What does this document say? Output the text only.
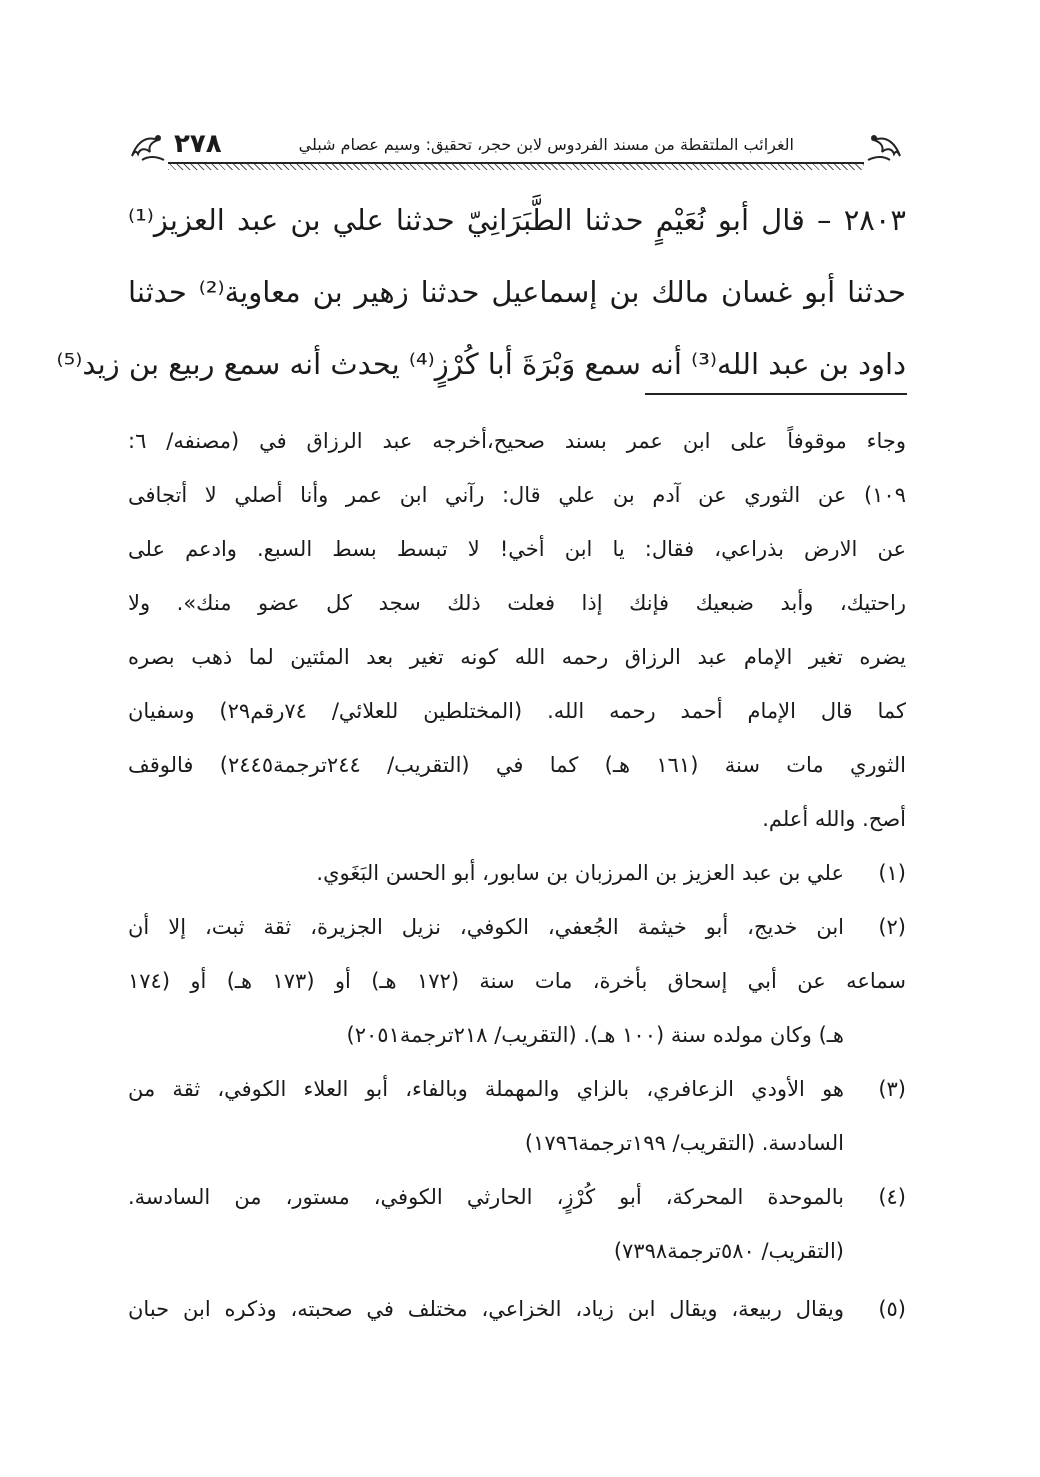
٢٧٨	الغرائب الملتقطة من مسند الفردوس لابن حجر، تحقيق: وسيم عصام شبلي
٢٨٠٣ – قال أبو نُعَيْمٍ حدثنا الطَّبَرَانِيّ حدثنا علي بن عبد العزيز⁽¹⁾
حدثنا أبو غسان مالك بن إسماعيل حدثنا زهير بن معاوية⁽²⁾ حدثنا
داود بن عبد الله⁽³⁾ أنه سمع وَبْرَةَ أبا كُرْزٍ⁽⁴⁾ يحدث أنه سمع ربيع بن زيد⁽⁵⁾
وجاء موقوفاً على ابن عمر بسند صحيح،أخرجه عبد الرزاق في (مصنفه/ ٦:
١٠٩) عن الثوري عن آدم بن علي قال: رآني ابن عمر وأنا أصلي لا أتجافى
عن الارض بذراعي، فقال: يا ابن أخي! لا تبسط بسط السبع. وادعم على
راحتيك، وأبد ضبعيك فإنك إذا فعلت ذلك سجد كل عضو منك». ولا
يضره تغير الإمام عبد الرزاق رحمه الله كونه تغير بعد المئتين لما ذهب بصره
كما قال الإمام أحمد رحمه الله. (المختلطين للعلائي/ ٧٤رقم٢٩) وسفيان
الثوري مات سنة (١٦١ هـ) كما في (التقريب/ ٢٤٤ترجمة٢٤٤٥) فالوقف
أصح. والله أعلم.
(١)
علي بن عبد العزيز بن المرزبان بن سابور، أبو الحسن البَغَوي.
(٢)
ابن خديج، أبو خيثمة الجُعفي، الكوفي، نزيل الجزيرة، ثقة ثبت، إلا أن
سماعه عن أبي إسحاق بأخرة، مات سنة (١٧٢ هـ) أو (١٧٣ هـ) أو (١٧٤
هـ) وكان مولده سنة (١٠٠ هـ). (التقريب/ ٢١٨ترجمة٢٠٥١)
(٣)
هو الأودي الزعافري، بالزاي والمهملة وبالفاء، أبو العلاء الكوفي، ثقة من
السادسة. (التقريب/ ١٩٩ترجمة١٧٩٦)
(٤)
بالموحدة المحركة، أبو كُرْزٍ، الحارثي الكوفي، مستور، من السادسة.
(التقريب/ ٥٨٠ترجمة٧٣٩٨)
(٥)
ويقال ربيعة، ويقال ابن زياد، الخزاعي، مختلف في صحبته، وذكره ابن حبان
